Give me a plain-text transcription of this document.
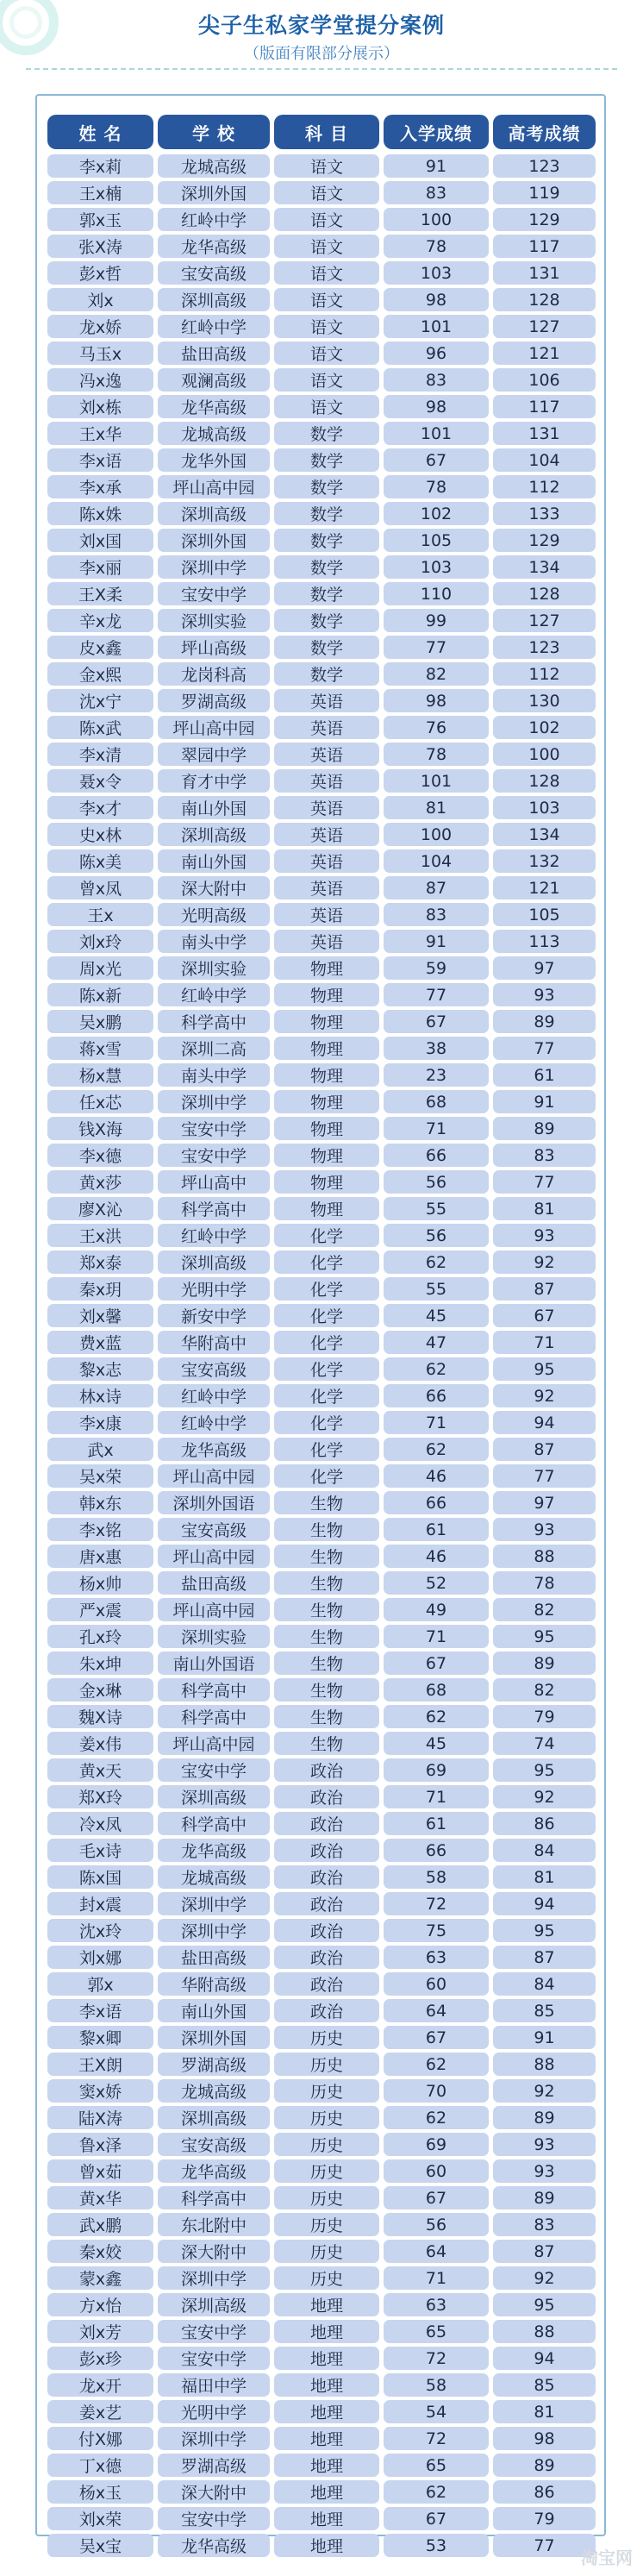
尖子生私家学堂提分案例
（版面有限部分展示）
姓 名	学 校	科 目	入学成绩	高考成绩
李x莉	龙城高级	语文	91	123
王x楠	深圳外国	语文	83	119
郭x玉	红岭中学	语文	100	129
张X涛	龙华高级	语文	78	117
彭x哲	宝安高级	语文	103	131
刘x	深圳高级	语文	98	128
龙x娇	红岭中学	语文	101	127
马玉x	盐田高级	语文	96	121
冯x逸	观澜高级	语文	83	106
刘x栋	龙华高级	语文	98	117
王x华	龙城高级	数学	101	131
李x语	龙华外国	数学	67	104
李x承	坪山高中园	数学	78	112
陈x姝	深圳高级	数学	102	133
刘x国	深圳外国	数学	105	129
李x丽	深圳中学	数学	103	134
王X柔	宝安中学	数学	110	128
辛x龙	深圳实验	数学	99	127
皮x鑫	坪山高级	数学	77	123
金x熙	龙岗科高	数学	82	112
沈x宁	罗湖高级	英语	98	130
陈x武	坪山高中园	英语	76	102
李x清	翠园中学	英语	78	100
聂x令	育才中学	英语	101	128
李x才	南山外国	英语	81	103
史x林	深圳高级	英语	100	134
陈x美	南山外国	英语	104	132
曾x凤	深大附中	英语	87	121
王x	光明高级	英语	83	105
刘x玲	南头中学	英语	91	113
周x光	深圳实验	物理	59	97
陈x新	红岭中学	物理	77	93
吴x鹏	科学高中	物理	67	89
蒋x雪	深圳二高	物理	38	77
杨x慧	南头中学	物理	23	61
任x芯	深圳中学	物理	68	91
钱X海	宝安中学	物理	71	89
李x德	宝安中学	物理	66	83
黄x莎	坪山高中	物理	56	77
廖X沁	科学高中	物理	55	81
王x洪	红岭中学	化学	56	93
郑x泰	深圳高级	化学	62	92
秦x玥	光明中学	化学	55	87
刘x馨	新安中学	化学	45	67
费x蓝	华附高中	化学	47	71
黎x志	宝安高级	化学	62	95
林x诗	红岭中学	化学	66	92
李x康	红岭中学	化学	71	94
武x	龙华高级	化学	62	87
吴x荣	坪山高中园	化学	46	77
韩x东	深圳外国语	生物	66	97
李x铭	宝安高级	生物	61	93
唐x惠	坪山高中园	生物	46	88
杨x帅	盐田高级	生物	52	78
严x震	坪山高中园	生物	49	82
孔x玲	深圳实验	生物	71	95
朱x坤	南山外国语	生物	67	89
金x琳	科学高中	生物	68	82
魏X诗	科学高中	生物	62	79
姜x伟	坪山高中园	生物	45	74
黄x天	宝安中学	政治	69	95
郑X玲	深圳高级	政治	71	92
冷x凤	科学高中	政治	61	86
毛x诗	龙华高级	政治	66	84
陈x国	龙城高级	政治	58	81
封x震	深圳中学	政治	72	94
沈x玲	深圳中学	政治	75	95
刘x娜	盐田高级	政治	63	87
郭x	华附高级	政治	60	84
李x语	南山外国	政治	64	85
黎x卿	深圳外国	历史	67	91
王X朗	罗湖高级	历史	62	88
窦x娇	龙城高级	历史	70	92
陆X涛	深圳高级	历史	62	89
鲁x泽	宝安高级	历史	69	93
曾x茹	龙华高级	历史	60	93
黄x华	科学高中	历史	67	89
武x鹏	东北附中	历史	56	83
秦x姣	深大附中	历史	64	87
蒙x鑫	深圳中学	历史	71	92
方x怡	深圳高级	地理	63	95
刘x芳	宝安中学	地理	65	88
彭x珍	宝安中学	地理	72	94
龙x开	福田中学	地理	58	85
姜x艺	光明中学	地理	54	81
付X娜	深圳中学	地理	72	98
丁x德	罗湖高级	地理	65	89
杨x玉	深大附中	地理	62	86
刘x荣	宝安中学	地理	67	79
吴x宝	龙华高级	地理	53	77
淘宝网
